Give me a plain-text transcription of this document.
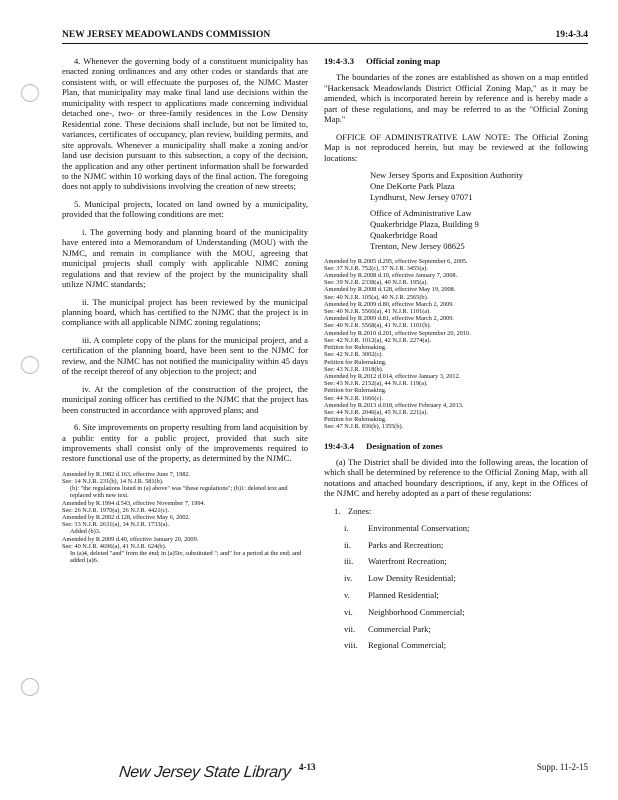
NEW JERSEY MEADOWLANDS COMMISSION	19:4-3.4

4. Whenever the governing body of a constituent municipality has enacted zoning ordinances and any other codes or standards that are consistent with, or will effectuate the purposes of, the NJMC Master Plan, that municipality may make final land use decisions within the municipality with respect to applications made concerning individual detached one-, two- or three-family residences in the Low Density Residential zone. These decisions shall include, but not be limited to, variances, certificates of occupancy, plan review, building permits, and site approvals. Whenever a municipality shall make a zoning and/or land use decision pursuant to this subsection, a copy of the decision, the application and any other pertinent information shall be forwarded to the NJMC within 10 working days of the final action. The foregoing does not apply to subdivisions involving the creation of new streets;

5. Municipal projects, located on land owned by a municipality, provided that the following conditions are met:

i. The governing body and planning board of the municipality have entered into a Memorandum of Understanding (MOU) with the NJMC, and remain in compliance with the MOU, agreeing that municipal projects shall comply with applicable NJMC zoning regulations and that review of the project by the municipality shall utilize NJMC standards;

ii. The municipal project has been reviewed by the municipal planning board, which has certified to the NJMC that the project is in compliance with all applicable NJMC zoning regulations;

iii. A complete copy of the plans for the municipal project, and a certification of the planning board, have been sent to the NJMC for review, and the NJMC has not notified the municipality within 45 days of the receipt thereof of any objection to the project; and

iv. At the completion of the construction of the project, the municipal zoning officer has certified to the NJMC that the project has been constructed in accordance with approved plans; and

6. Site improvements on property resulting from land acquisition by a public entity for a public project, provided that such site improvements shall consist only of the improvements required to restore functional use of the property, as determined by the NJMC.

Amended by R.1982 d.163, effective June 7, 1982.
See: 14 N.J.R. 231(b), 14 N.J.R. 581(b).
(b): "the regulations listed in (a) above" was "these regulations"; (b)1: deleted text and replaced with new text.
Amended by R.1994 d.543, effective November 7, 1994.
See: 26 N.J.R. 1970(a), 26 N.J.R. 4421(c).
Amended by R.2002 d.128, effective May 6, 2002.
See: 33 N.J.R. 2631(a), 34 N.J.R. 1733(a).
Added (b)3.
Amended by R.2009 d.40, effective January 20, 2009.
See: 40 N.J.R. 4696(a), 41 N.J.R. 624(b).
In (a)4, deleted "and" from the end; in (a)5iv, substituted "; and" for a period at the end; and added (a)6.
19:4-3.3 Official zoning map

The boundaries of the zones are established as shown on a map entitled "Hackensack Meadowlands District Official Zoning Map," as it may be amended, which is incorporated herein by reference and is hereby made a part of these regulations, and may be referred to as the "Official Zoning Map."

OFFICE OF ADMINISTRATIVE LAW NOTE: The Official Zoning Map is not reproduced herein, but may be reviewed at the following locations:

New Jersey Sports and Exposition Authority
One DeKorte Park Plaza
Lyndhurst, New Jersey 07071
Office of Administrative Law
Quakerbridge Plaza, Building 9
Quakerbridge Road
Trenton, New Jersey 08625
Amended by R.2005 d.295, effective September 6, 2005.
See: 37 N.J.R. 752(c), 37 N.J.R. 3455(a).
Amended by R.2008 d.10, effective January 7, 2008.
See: 39 N.J.R. 2338(a), 40 N.J.R. 195(a).
Amended by R.2008 d.128, effective May 19, 2008.
See: 40 N.J.R. 105(a), 40 N.J.R. 2565(b).
Amended by R.2009 d.80, effective March 2, 2009.
See: 40 N.J.R. 5566(a), 41 N.J.R. 1101(a).
Amended by R.2009 d.81, effective March 2, 2009.
See: 40 N.J.R. 5568(a), 41 N.J.R. 1101(b).
Amended by R.2010 d.201, effective September 20, 2010.
See: 42 N.J.R. 1012(a), 42 N.J.R. 2274(a).
Petition for Rulemaking.
See: 42 N.J.R. 3002(c).
Petition for Rulemaking.
See: 43 N.J.R. 1918(b).
Amended by R.2012 d.014, effective January 3, 2012.
See: 43 N.J.R. 2152(a), 44 N.J.R. 119(a).
Petition for Rulemaking.
See: 44 N.J.R. 1666(c).
Amended by R.2013 d.018, effective February 4, 2013.
See: 44 N.J.R. 2046(a), 45 N.J.R. 221(a).
Petition for Rulemaking.
See: 47 N.J.R. 836(b), 1355(b).
19:4-3.4 Designation of zones

(a) The District shall be divided into the following areas, the location of which shall be determined by reference to the Official Zoning Map, with all notations and attached boundary descriptions, if any, kept in the Offices of the NJMC and hereby adopted as a part of these regulations:

1. Zones:
i.	Environmental Conservation;
ii.	Parks and Recreation;
iii.	Waterfront Recreation;
iv.	Low Density Residential;
v.	Planned Residential;
vi.	Neighborhood Commercial;
vii.	Commercial Park;
viii.	Regional Commercial;
New Jersey State Library 4-13	Supp. 11-2-15
